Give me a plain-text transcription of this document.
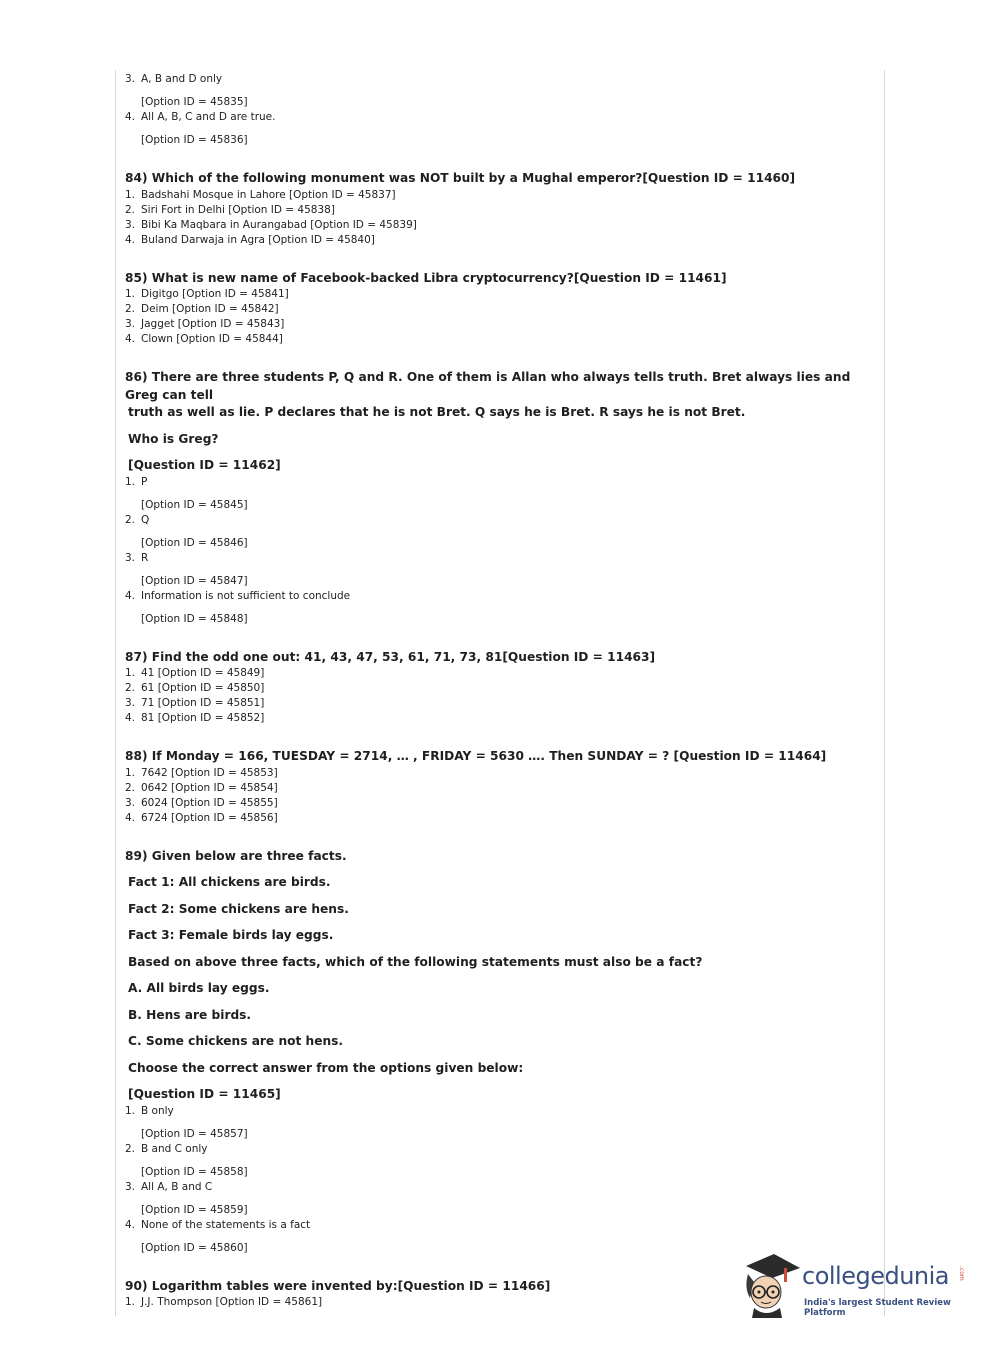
3. A, B and D only
[Option ID = 45835]
4. All A, B, C and D are true.
[Option ID = 45836]

84) Which of the following monument was NOT built by a Mughal emperor?[Question ID = 11460]

1. Badshahi Mosque in Lahore [Option ID = 45837]
2. Siri Fort in Delhi [Option ID = 45838]
3. Bibi Ka Maqbara in Aurangabad [Option ID = 45839]
4. Buland Darwaja in Agra [Option ID = 45840]

85) What is new name of Facebook-backed Libra cryptocurrency?[Question ID = 11461]

1. Digitgo [Option ID = 45841]
2. Deim [Option ID = 45842]
3. Jagget [Option ID = 45843]
4. Clown [Option ID = 45844]

86) There are three students P, Q and R. One of them is Allan who always tells truth. Bret always lies and Greg can tell

truth as well as lie. P declares that he is not Bret. Q says he is Bret. R says he is not Bret.

Who is Greg?
[Question ID = 11462]
1. P
[Option ID = 45845]
2. Q
[Option ID = 45846]
3. R
[Option ID = 45847]
4. Information is not sufficient to conclude
[Option ID = 45848]

87) Find the odd one out: 41, 43, 47, 53, 61, 71, 73, 81[Question ID = 11463]

1. 41 [Option ID = 45849]
2. 61 [Option ID = 45850]
3. 71 [Option ID = 45851]
4. 81 [Option ID = 45852]

88) If Monday = 166, TUESDAY = 2714, … , FRIDAY = 5630 …. Then SUNDAY = ? [Question ID = 11464]

1. 7642 [Option ID = 45853]
2. 0642 [Option ID = 45854]
3. 6024 [Option ID = 45855]
4. 6724 [Option ID = 45856]

89) Given below are three facts.

Fact 1: All chickens are birds.
Fact 2: Some chickens are hens.
Fact 3: Female birds lay eggs.
Based on above three facts, which of the following statements must also be a fact?
A. All birds lay eggs.
B. Hens are birds.
C. Some chickens are not hens.
Choose the correct answer from the options given below:
[Question ID = 11465]
1. B only
[Option ID = 45857]
2. B and C only
[Option ID = 45858]
3. All A, B and C
[Option ID = 45859]
4. None of the statements is a fact
[Option ID = 45860]

90) Logarithm tables were invented by:[Question ID = 11466]

1. J.J. Thompson [Option ID = 45861]
collegedunia .com
India's largest Student Review Platform
